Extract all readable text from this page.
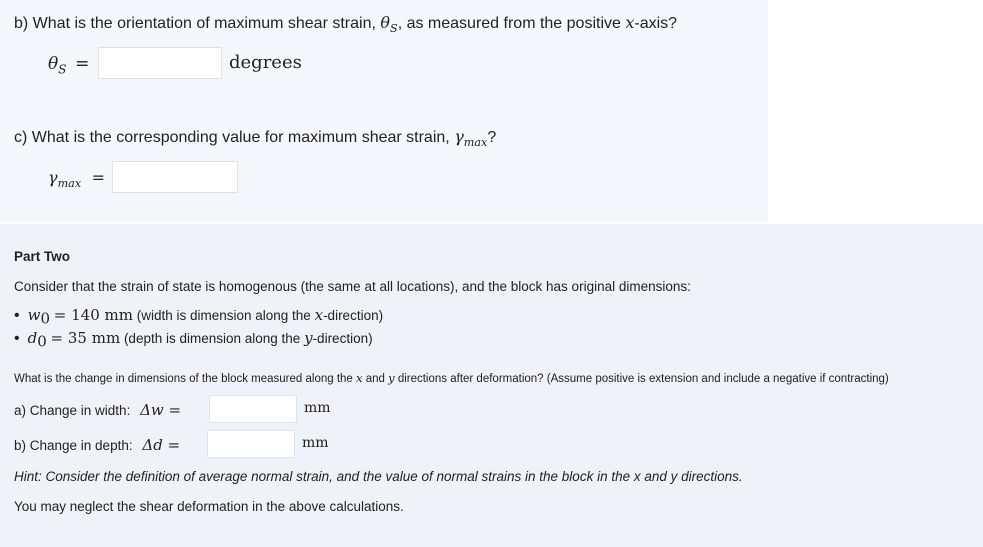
b) What is the orientation of maximum shear strain, $\theta_S$, as measured from the positive x-axis?
$\theta_S$ =	degrees
c) What is the corresponding value for maximum shear strain, $\gamma_{max}$?
$\gamma_{max}$ =
Part Two
Consider that the strain of state is homogenous (the same at all locations), and the block has original dimensions:
• $w_0 = 140$ mm (width is dimension along the x-direction)
• $d_0 = 35$ mm (depth is dimension along the y-direction)
What is the change in dimensions of the block measured along the x and y directions after deformation? (Assume positive is extension and include a negative if contracting)
a) Change in width: Δw =	mm
b) Change in depth: Δd =	mm
Hint: Consider the definition of average normal strain, and the value of normal strains in the block in the x and y directions.
You may neglect the shear deformation in the above calculations.
